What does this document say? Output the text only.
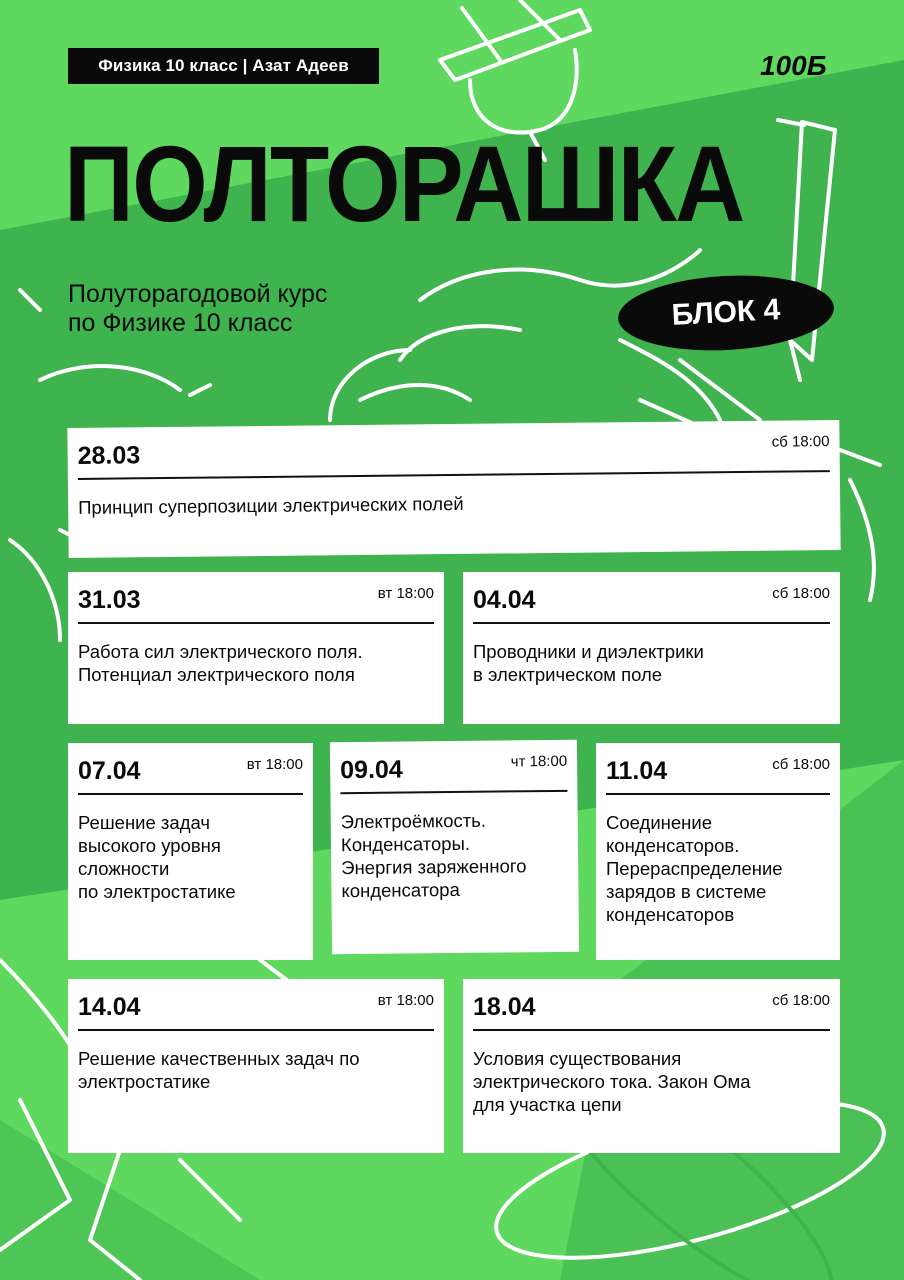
Физика 10 класс | Азат Адеев	100Б
ПОЛТОРАШКА
Полуторагодовой курс
по Физике 10 класс	БЛОК 4
28.03	сб 18:00
Принцип суперпозиции электрических полей
31.03	вт 18:00
Работа сил электрического поля.
Потенциал электрического поля
04.04	сб 18:00
Проводники и диэлектрики
в электрическом поле
07.04	вт 18:00
Решение задач
высокого уровня
сложности
по электростатике
09.04	чт 18:00
Электроёмкость.
Конденсаторы.
Энергия заряженного
конденсатора
11.04	сб 18:00
Соединение
конденсаторов.
Перераспределение
зарядов в системе
конденсаторов
14.04	вт 18:00
Решение качественных задач по
электростатике
18.04	сб 18:00
Условия существования
электрического тока. Закон Ома
для участка цепи
